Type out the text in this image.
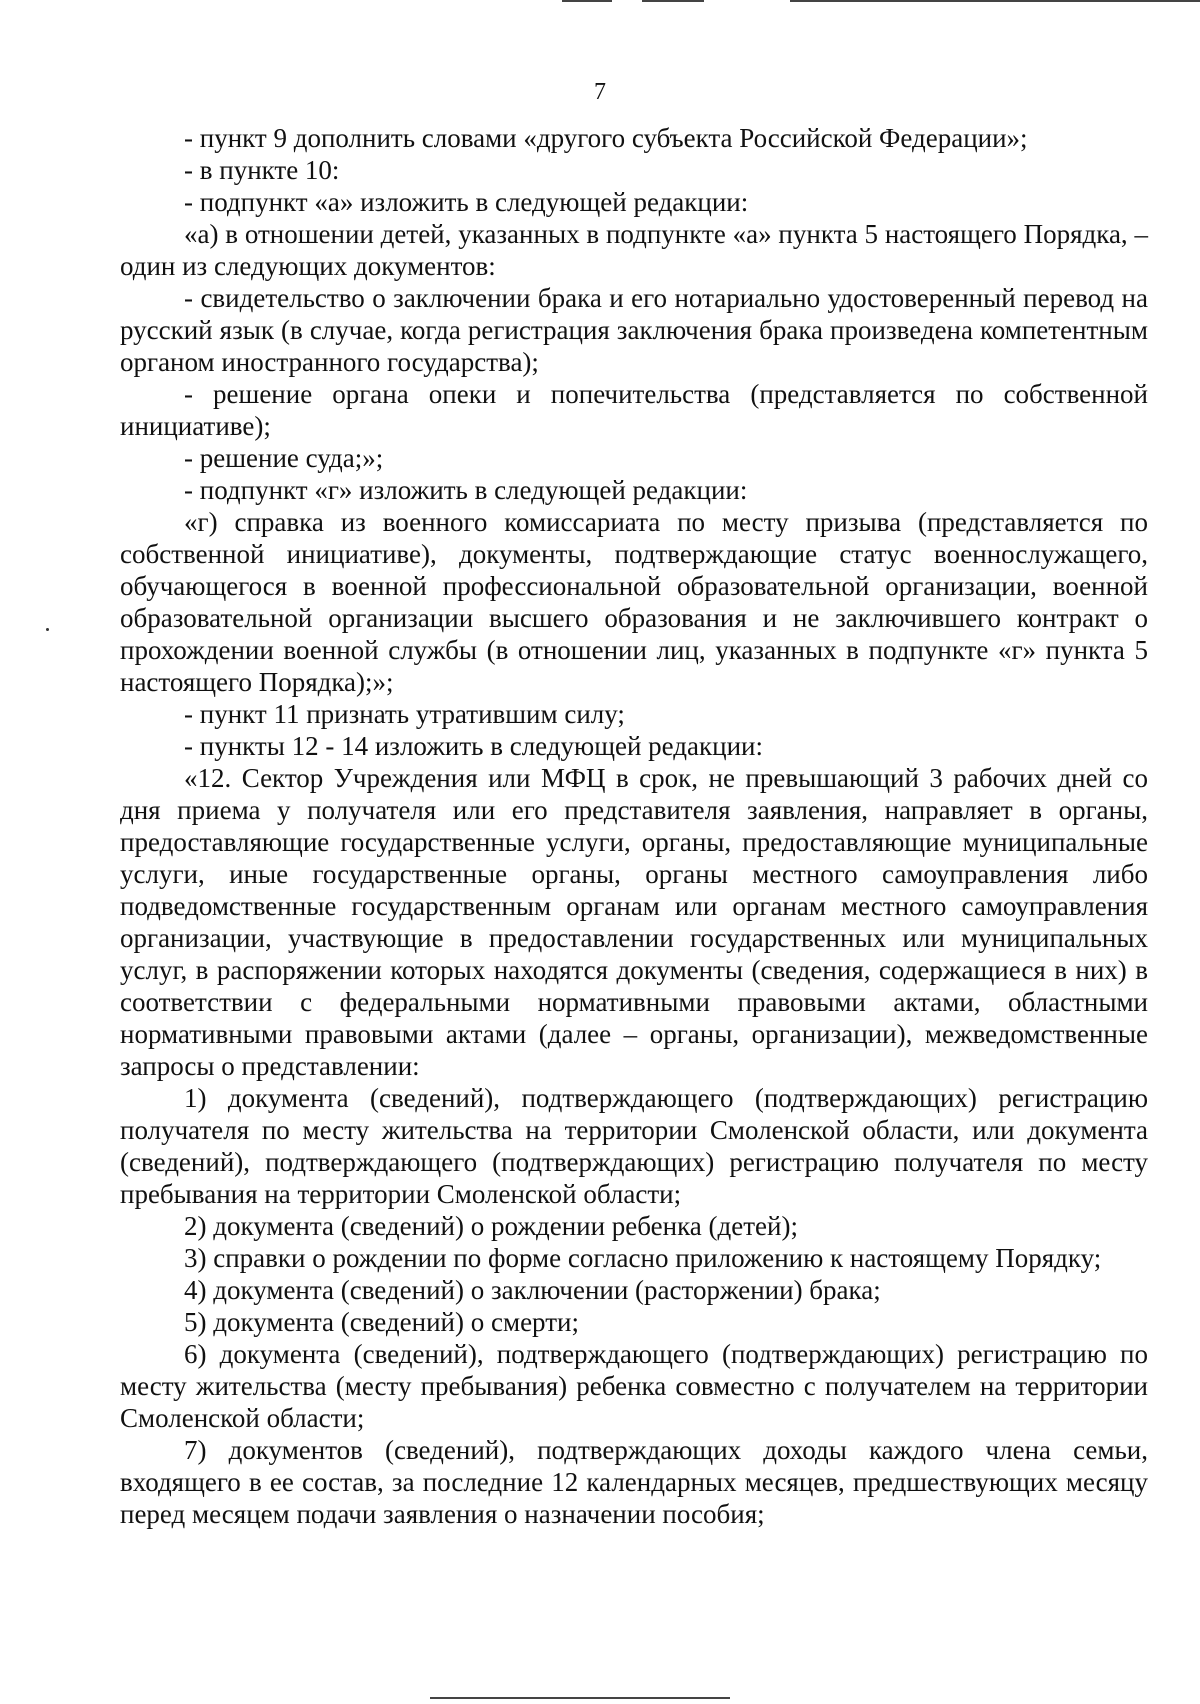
7

- пункт 9 дополнить словами «другого субъекта Российской Федерации»;

- в пункте 10:

- подпункт «а» изложить в следующей редакции:

«а) в отношении детей, указанных в подпункте «а» пункта 5 настоящего Порядка, – один из следующих документов:

- свидетельство о заключении брака и его нотариально удостоверенный перевод на русский язык (в случае, когда регистрация заключения брака произведена компетентным органом иностранного государства);

- решение органа опеки и попечительства (представляется по собственной инициативе);

- решение суда;»;

- подпункт «г» изложить в следующей редакции:

«г) справка из военного комиссариата по месту призыва (представляется по собственной инициативе), документы, подтверждающие статус военнослужащего, обучающегося в военной профессиональной образовательной организации, военной образовательной организации высшего образования и не заключившего контракт о прохождении военной службы (в отношении лиц, указанных в подпункте «г» пункта 5 настоящего Порядка);»;

- пункт 11 признать утратившим силу;

- пункты 12 - 14 изложить в следующей редакции:

«12. Сектор Учреждения или МФЦ в срок, не превышающий 3 рабочих дней со дня приема у получателя или его представителя заявления, направляет в органы, предоставляющие государственные услуги, органы, предоставляющие муниципальные услуги, иные государственные органы, органы местного самоуправления либо подведомственные государственным органам или органам местного самоуправления организации, участвующие в предоставлении государственных или муниципальных услуг, в распоряжении которых находятся документы (сведения, содержащиеся в них) в соответствии с федеральными нормативными правовыми актами, областными нормативными правовыми актами (далее – органы, организации), межведомственные запросы о представлении:

1) документа (сведений), подтверждающего (подтверждающих) регистрацию получателя по месту жительства на территории Смоленской области, или документа (сведений), подтверждающего (подтверждающих) регистрацию получателя по месту пребывания на территории Смоленской области;

2) документа (сведений) о рождении ребенка (детей);

3) справки о рождении по форме согласно приложению к настоящему Порядку;

4) документа (сведений) о заключении (расторжении) брака;

5) документа (сведений) о смерти;

6) документа (сведений), подтверждающего (подтверждающих) регистрацию по месту жительства (месту пребывания) ребенка совместно с получателем на территории Смоленской области;

7) документов (сведений), подтверждающих доходы каждого члена семьи, входящего в ее состав, за последние 12 календарных месяцев, предшествующих месяцу перед месяцем подачи заявления о назначении пособия;
